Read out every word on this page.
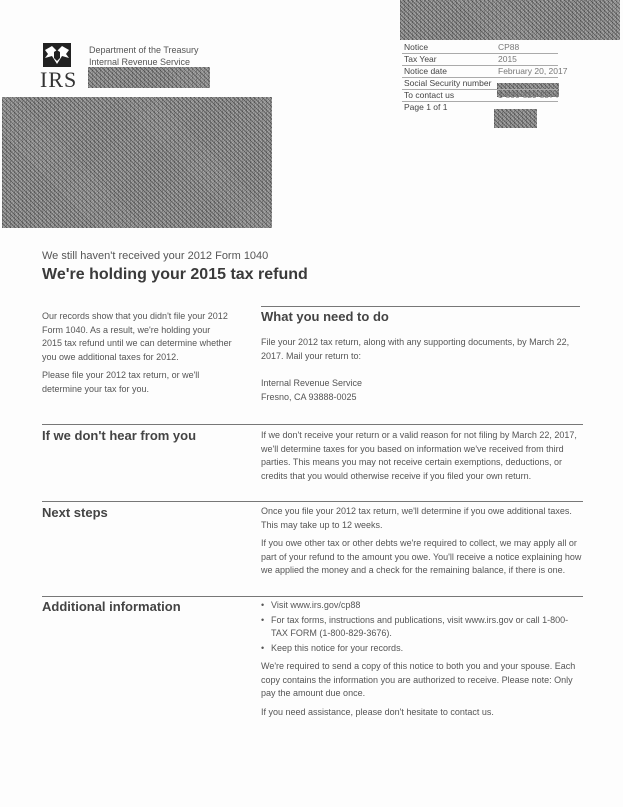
IRS
Department of the Treasury
Internal Revenue Service
Notice	CP88
Tax Year	2015
Notice date	February 20, 2017
Social Security number
To contact us	1-800-829-8374
Page 1 of 1
We still haven't received your 2012 Form 1040
We're holding your 2015 tax refund

Our records show that you didn't file your 2012 Form 1040. As a result, we're holding your 2015 tax refund until we can determine whether you owe additional taxes for 2012.

Please file your 2012 tax return, or we'll determine your tax for you.

What you need to do

File your 2012 tax return, along with any supporting documents, by March 22, 2017. Mail your return to:

Internal Revenue Service
Fresno, CA 93888-0025
If we don't hear from you	If we don't receive your return or a valid reason for not filing by March 22, 2017, we'll determine taxes for you based on information we've received from third parties. This means you may not receive certain exemptions, deductions, or credits that you would otherwise receive if you filed your own return.

Next steps	Once you file your 2012 tax return, we'll determine if you owe additional taxes. This may take up to 12 weeks.

If you owe other tax or other debts we're required to collect, we may apply all or part of your refund to the amount you owe. You'll receive a notice explaining how we applied the money and a check for the remaining balance, if there is one.

Additional information
•	Visit www.irs.gov/cp88
• For tax forms, instructions and publications, visit www.irs.gov or call 1-800-TAX FORM (1-800-829-3676).
• Keep this notice for your records.

We're required to send a copy of this notice to both you and your spouse. Each copy contains the information you are authorized to receive. Please note: Only pay the amount due once.

If you need assistance, please don't hesitate to contact us.
